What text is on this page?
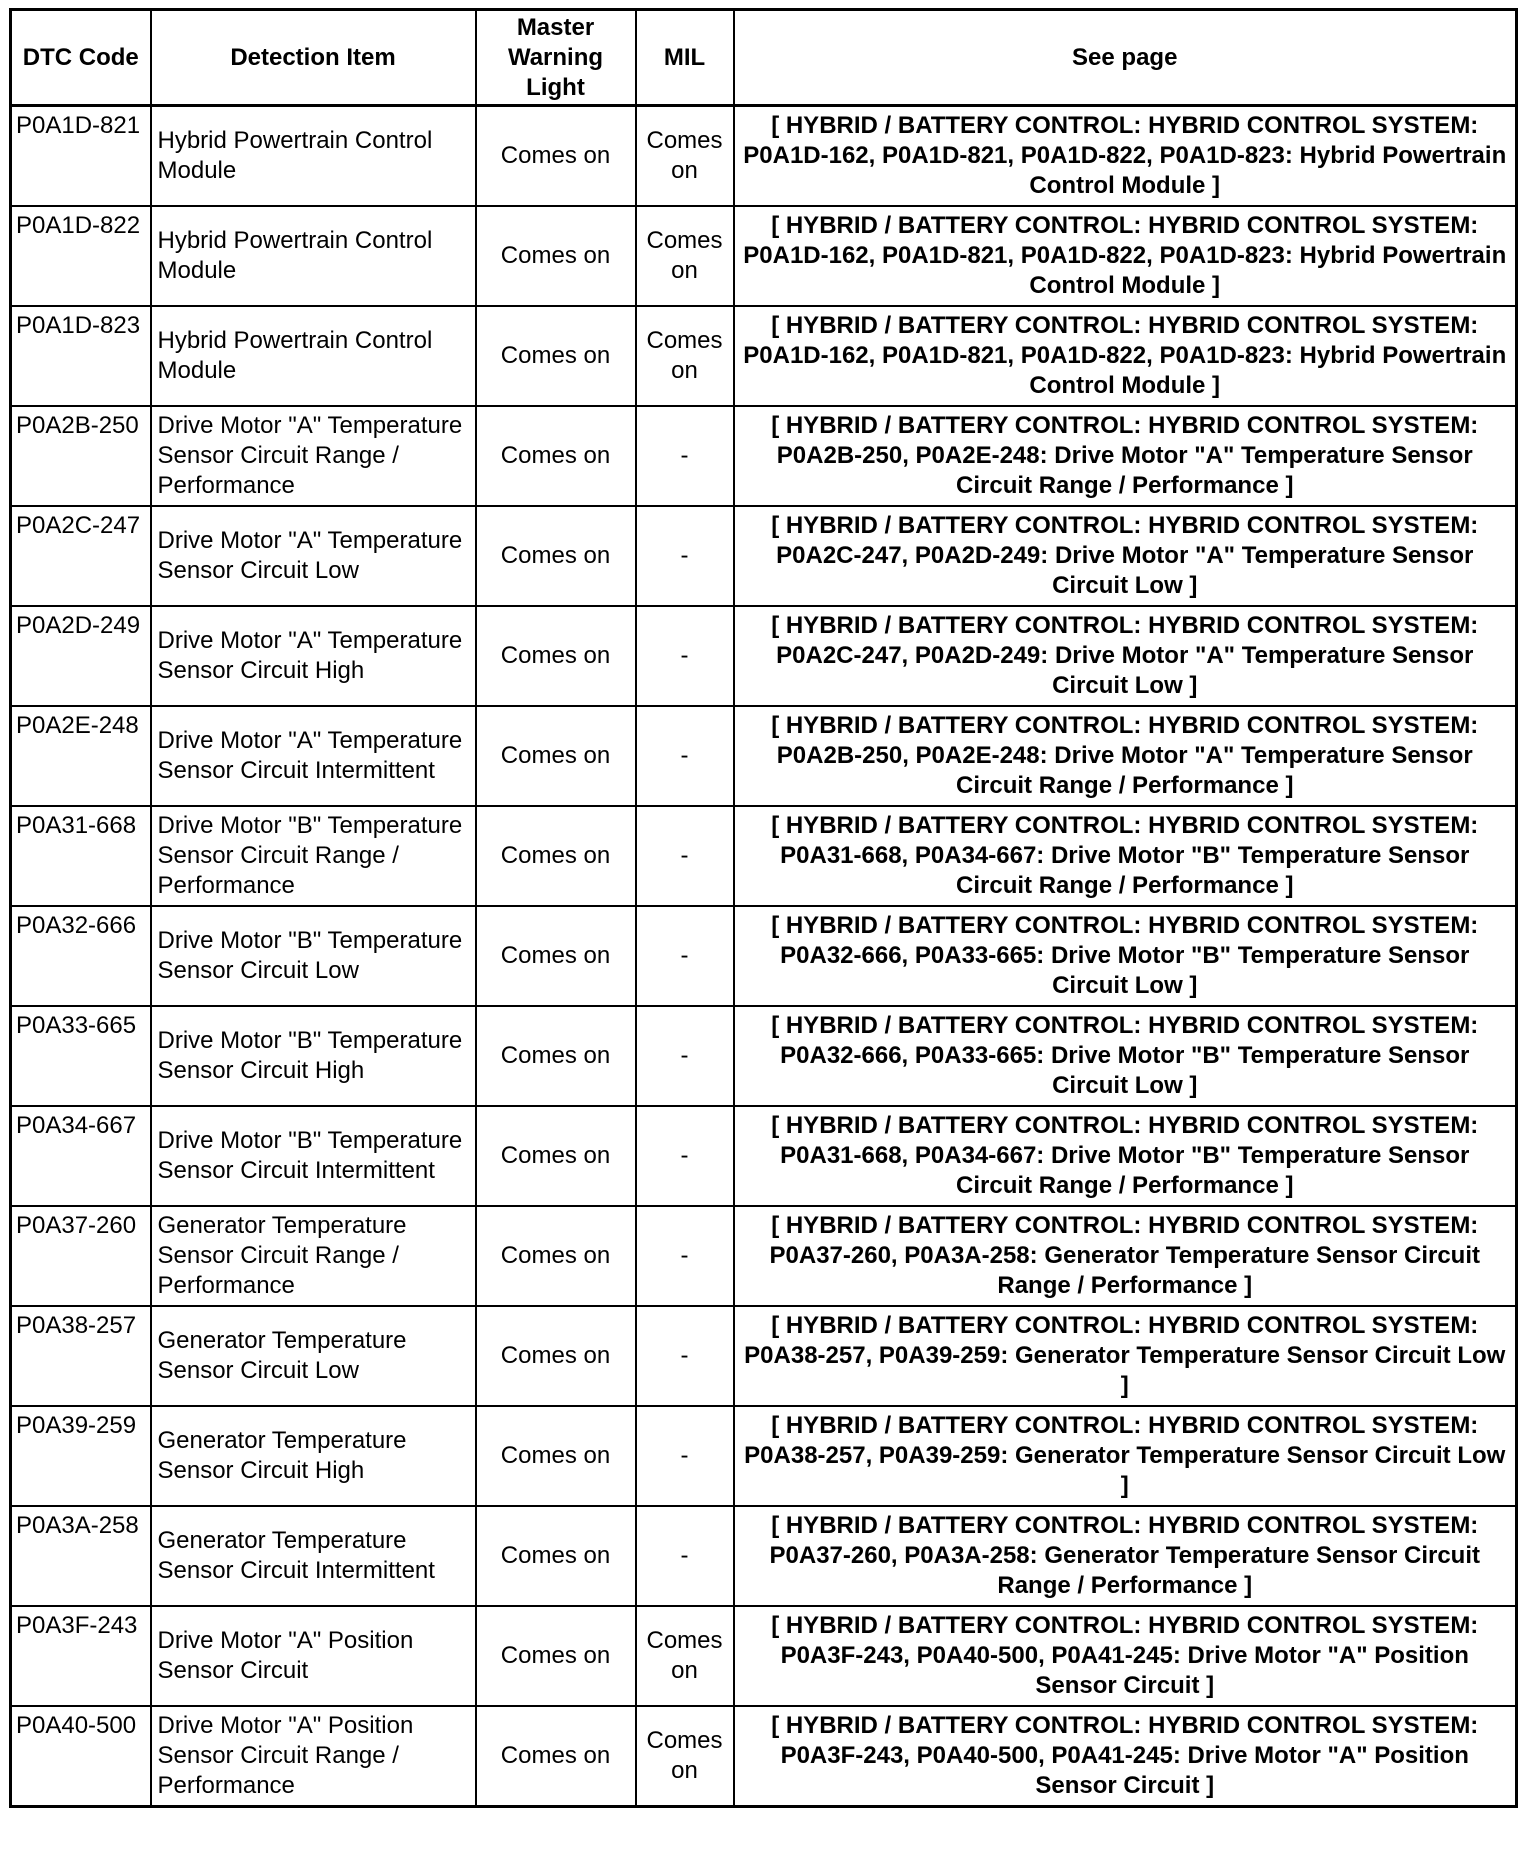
DTC Code	Detection Item	Master Warning Light	MIL	See page
P0A1D-821	Hybrid Powertrain Control Module	Comes on	Comes on	[ HYBRID / BATTERY CONTROL: HYBRID CONTROL SYSTEM: P0A1D-162, P0A1D-821, P0A1D-822, P0A1D-823: Hybrid Powertrain Control Module ]
P0A1D-822	Hybrid Powertrain Control Module	Comes on	Comes on	[ HYBRID / BATTERY CONTROL: HYBRID CONTROL SYSTEM: P0A1D-162, P0A1D-821, P0A1D-822, P0A1D-823: Hybrid Powertrain Control Module ]
P0A1D-823	Hybrid Powertrain Control Module	Comes on	Comes on	[ HYBRID / BATTERY CONTROL: HYBRID CONTROL SYSTEM: P0A1D-162, P0A1D-821, P0A1D-822, P0A1D-823: Hybrid Powertrain Control Module ]
P0A2B-250	Drive Motor "A" Temperature Sensor Circuit Range / Performance	Comes on	-	[ HYBRID / BATTERY CONTROL: HYBRID CONTROL SYSTEM: P0A2B-250, P0A2E-248: Drive Motor "A" Temperature Sensor Circuit Range / Performance ]
P0A2C-247	Drive Motor "A" Temperature Sensor Circuit Low	Comes on	-	[ HYBRID / BATTERY CONTROL: HYBRID CONTROL SYSTEM: P0A2C-247, P0A2D-249: Drive Motor "A" Temperature Sensor Circuit Low ]
P0A2D-249	Drive Motor "A" Temperature Sensor Circuit High	Comes on	-	[ HYBRID / BATTERY CONTROL: HYBRID CONTROL SYSTEM: P0A2C-247, P0A2D-249: Drive Motor "A" Temperature Sensor Circuit Low ]
P0A2E-248	Drive Motor "A" Temperature Sensor Circuit Intermittent	Comes on	-	[ HYBRID / BATTERY CONTROL: HYBRID CONTROL SYSTEM: P0A2B-250, P0A2E-248: Drive Motor "A" Temperature Sensor Circuit Range / Performance ]
P0A31-668	Drive Motor "B" Temperature Sensor Circuit Range / Performance	Comes on	-	[ HYBRID / BATTERY CONTROL: HYBRID CONTROL SYSTEM: P0A31-668, P0A34-667: Drive Motor "B" Temperature Sensor Circuit Range / Performance ]
P0A32-666	Drive Motor "B" Temperature Sensor Circuit Low	Comes on	-	[ HYBRID / BATTERY CONTROL: HYBRID CONTROL SYSTEM: P0A32-666, P0A33-665: Drive Motor "B" Temperature Sensor Circuit Low ]
P0A33-665	Drive Motor "B" Temperature Sensor Circuit High	Comes on	-	[ HYBRID / BATTERY CONTROL: HYBRID CONTROL SYSTEM: P0A32-666, P0A33-665: Drive Motor "B" Temperature Sensor Circuit Low ]
P0A34-667	Drive Motor "B" Temperature Sensor Circuit Intermittent	Comes on	-	[ HYBRID / BATTERY CONTROL: HYBRID CONTROL SYSTEM: P0A31-668, P0A34-667: Drive Motor "B" Temperature Sensor Circuit Range / Performance ]
P0A37-260	Generator Temperature Sensor Circuit Range / Performance	Comes on	-	[ HYBRID / BATTERY CONTROL: HYBRID CONTROL SYSTEM: P0A37-260, P0A3A-258: Generator Temperature Sensor Circuit Range / Performance ]
P0A38-257	Generator Temperature Sensor Circuit Low	Comes on	-	[ HYBRID / BATTERY CONTROL: HYBRID CONTROL SYSTEM: P0A38-257, P0A39-259: Generator Temperature Sensor Circuit Low ]
P0A39-259	Generator Temperature Sensor Circuit High	Comes on	-	[ HYBRID / BATTERY CONTROL: HYBRID CONTROL SYSTEM: P0A38-257, P0A39-259: Generator Temperature Sensor Circuit Low ]
P0A3A-258	Generator Temperature Sensor Circuit Intermittent	Comes on	-	[ HYBRID / BATTERY CONTROL: HYBRID CONTROL SYSTEM: P0A37-260, P0A3A-258: Generator Temperature Sensor Circuit Range / Performance ]
P0A3F-243	Drive Motor "A" Position Sensor Circuit	Comes on	Comes on	[ HYBRID / BATTERY CONTROL: HYBRID CONTROL SYSTEM: P0A3F-243, P0A40-500, P0A41-245: Drive Motor "A" Position Sensor Circuit ]
P0A40-500	Drive Motor "A" Position Sensor Circuit Range / Performance	Comes on	Comes on	[ HYBRID / BATTERY CONTROL: HYBRID CONTROL SYSTEM: P0A3F-243, P0A40-500, P0A41-245: Drive Motor "A" Position Sensor Circuit ]
